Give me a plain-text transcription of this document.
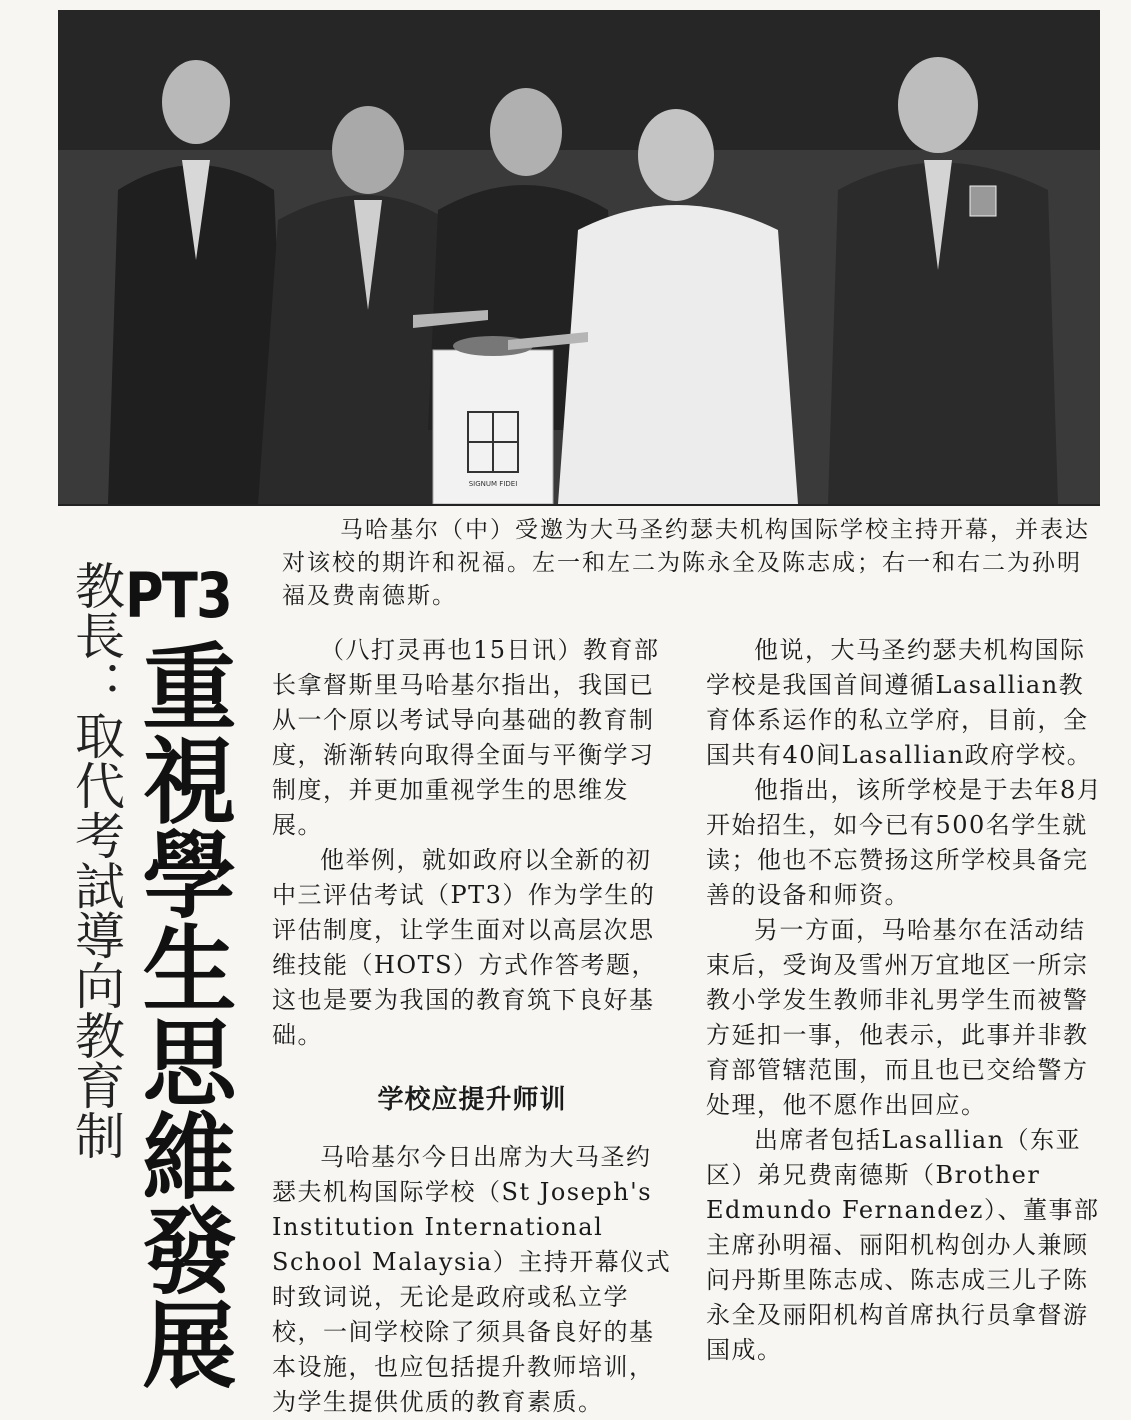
SIGNUM FIDEI

马哈基尔（中）受邀为大马圣约瑟夫机构国际学校主持开幕，并表达对该校的期许和祝福。左一和左二为陈永全及陈志成；右一和右二为孙明福及费南德斯。

教長：取代考試導向教育制 PT3
重視學生思維發展	（八打灵再也15日讯）教育部长拿督斯里马哈基尔指出，我国已从一个原以考试导向基础的教育制度，渐渐转向取得全面与平衡学习制度，并更加重视学生的思维发展。

他举例，就如政府以全新的初中三评估考试（PT3）作为学生的评估制度，让学生面对以高层次思维技能（HOTS）方式作答考题，这也是要为我国的教育筑下良好基础。

学校应提升师训

马哈基尔今日出席为大马圣约瑟夫机构国际学校（St Joseph's Institution International School Malaysia）主持开幕仪式时致词说，无论是政府或私立学校，一间学校除了须具备良好的基本设施，也应包括提升教师培训，为学生提供优质的教育素质。

他说，大马圣约瑟夫机构国际学校是我国首间遵循Lasallian教育体系运作的私立学府，目前，全国共有40间Lasallian政府学校。

他指出，该所学校是于去年8月开始招生，如今已有500名学生就读；他也不忘赞扬这所学校具备完善的设备和师资。

另一方面，马哈基尔在活动结束后，受询及雪州万宜地区一所宗教小学发生教师非礼男学生而被警方延扣一事，他表示，此事并非教育部管辖范围，而且也已交给警方处理，他不愿作出回应。

出席者包括Lasallian（东亚区）弟兄费南德斯（Brother Edmundo Fernandez）、董事部主席孙明福、丽阳机构创办人兼顾问丹斯里陈志成、陈志成三儿子陈永全及丽阳机构首席执行员拿督游国成。
